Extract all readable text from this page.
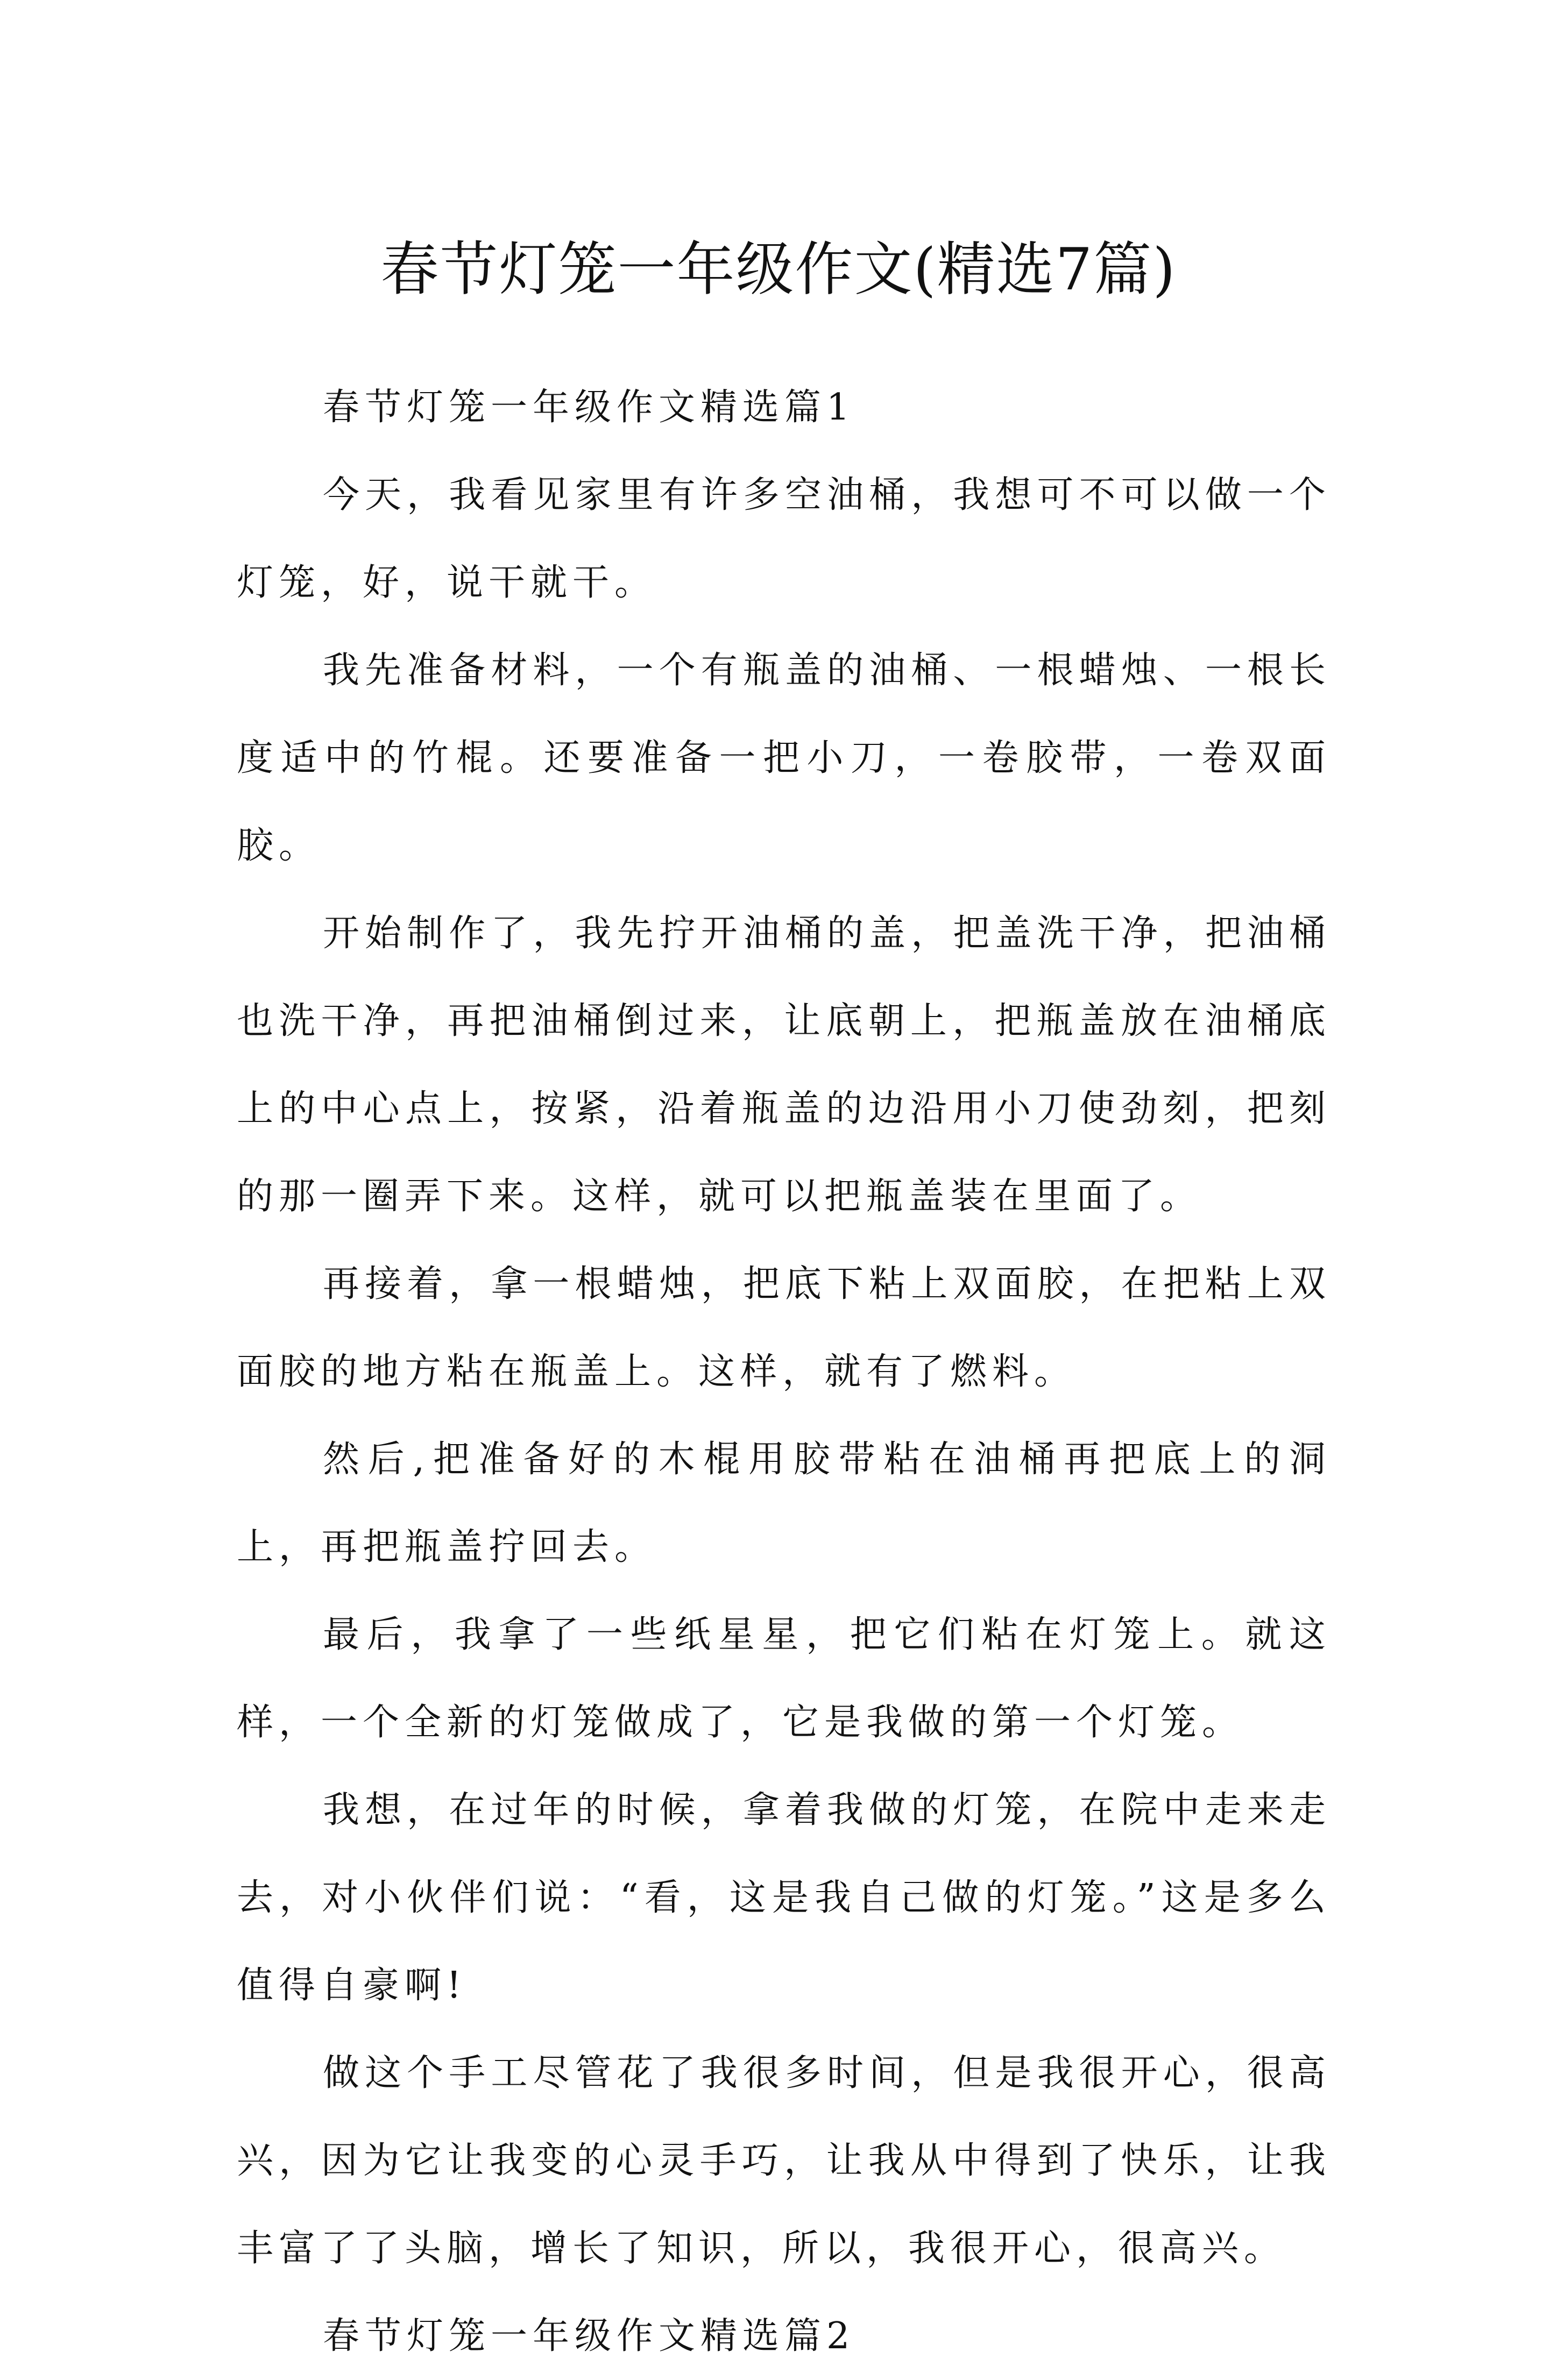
春节灯笼一年级作文(精选7篇)

春节灯笼一年级作文精选篇1

今天，我看见家里有许多空油桶，我想可不可以做一个灯笼，好，说干就干。

我先准备材料，一个有瓶盖的油桶、一根蜡烛、一根长度适中的竹棍。还要准备一把小刀，一卷胶带，一卷双面胶。

开始制作了，我先拧开油桶的盖，把盖洗干净，把油桶也洗干净，再把油桶倒过来，让底朝上，把瓶盖放在油桶底上的中心点上，按紧，沿着瓶盖的边沿用小刀使劲刻，把刻的那一圈弄下来。这样，就可以把瓶盖装在里面了。

再接着，拿一根蜡烛，把底下粘上双面胶，在把粘上双面胶的地方粘在瓶盖上。这样，就有了燃料。

然后,把准备好的木棍用胶带粘在油桶再把底上的洞上，再把瓶盖拧回去。

最后，我拿了一些纸星星，把它们粘在灯笼上。就这样，一个全新的灯笼做成了，它是我做的第一个灯笼。

我想，在过年的时候，拿着我做的灯笼，在院中走来走去，对小伙伴们说：“看，这是我自己做的灯笼。”这是多么值得自豪啊!

做这个手工尽管花了我很多时间，但是我很开心，很高兴，因为它让我变的心灵手巧，让我从中得到了快乐，让我丰富了了头脑，增长了知识，所以，我很开心，很高兴。

春节灯笼一年级作文精选篇2
